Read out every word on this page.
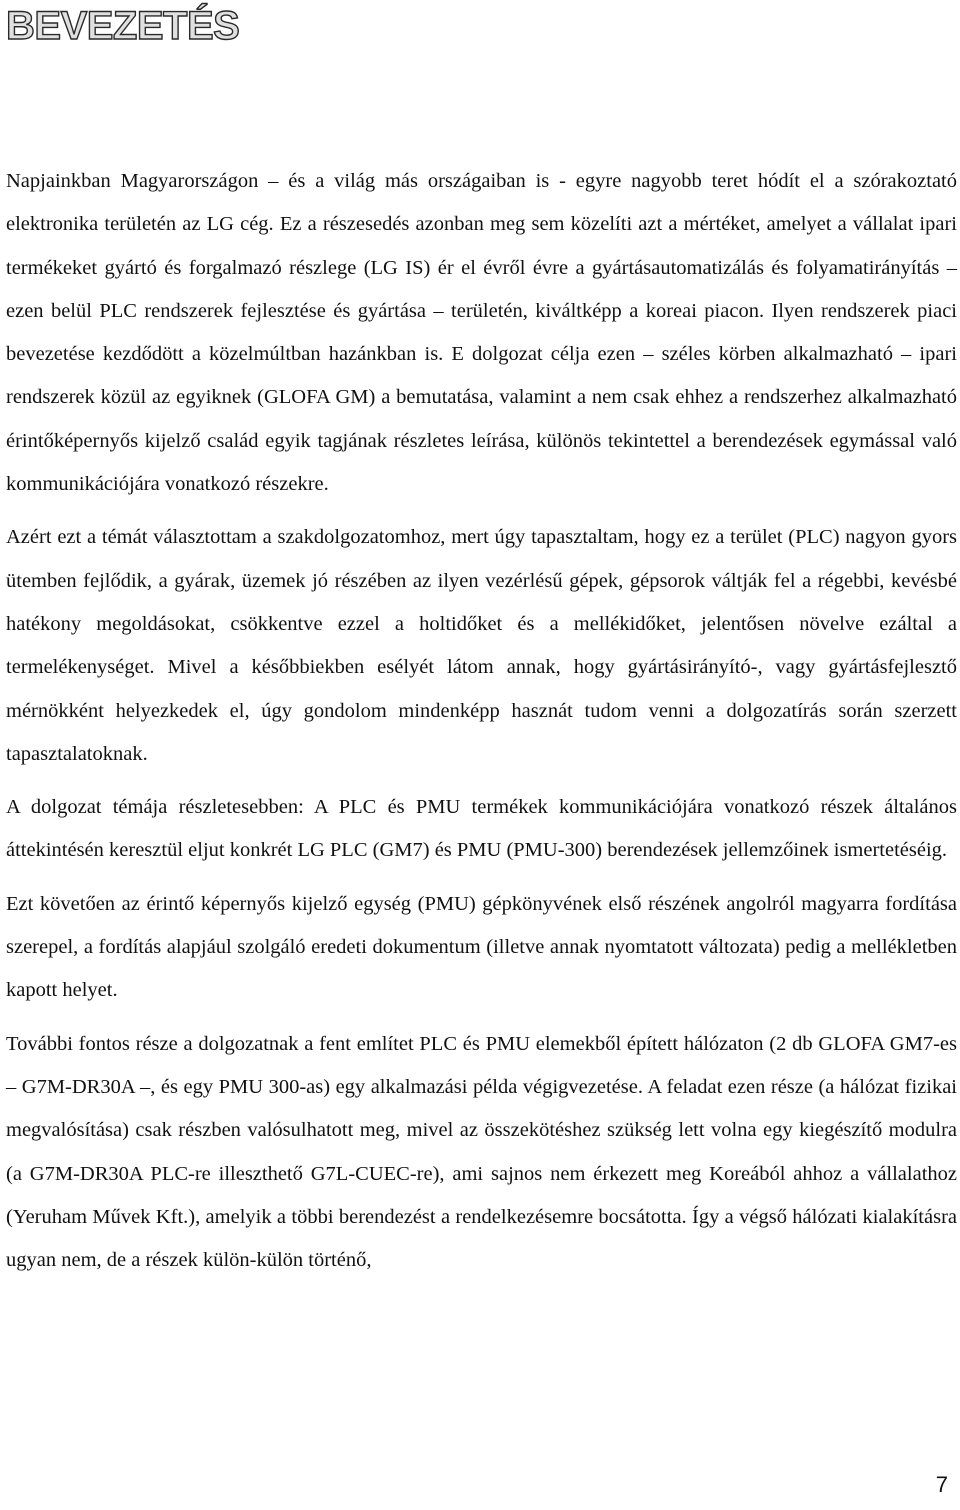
BEVEZETÉS

Napjainkban Magyarországon – és a világ más országaiban is - egyre nagyobb teret hódít el a szórakoztató elektronika területén az LG cég. Ez a részesedés azonban meg sem közelíti azt a mértéket, amelyet a vállalat ipari termékeket gyártó és forgalmazó részlege (LG IS) ér el évről évre a gyártásautomatizálás és folyamatirányítás – ezen belül PLC rendszerek fejlesztése és gyártása – területén, kiváltképp a koreai piacon. Ilyen rendszerek piaci bevezetése kezdődött a közelmúltban hazánkban is. E dolgozat célja ezen – széles körben alkalmazható – ipari rendszerek közül az egyiknek (GLOFA GM) a bemutatása, valamint a nem csak ehhez a rendszerhez alkalmazható érintőképernyős kijelző család egyik tagjának részletes leírása, különös tekintettel a berendezések egymással való kommunikációjára vonatkozó részekre.

Azért ezt a témát választottam a szakdolgozatomhoz, mert úgy tapasztaltam, hogy ez a terület (PLC) nagyon gyors ütemben fejlődik, a gyárak, üzemek jó részében az ilyen vezérlésű gépek, gépsorok váltják fel a régebbi, kevésbé hatékony megoldásokat, csökkentve ezzel a holtidőket és a mellékidőket, jelentősen növelve ezáltal a termelékenységet. Mivel a későbbiekben esélyét látom annak, hogy gyártásirányító-, vagy gyártásfejlesztő mérnökként helyezkedek el, úgy gondolom mindenképp hasznát tudom venni a dolgozatírás során szerzett tapasztalatoknak.

A dolgozat témája részletesebben: A PLC és PMU termékek kommunikációjára vonatkozó részek általános áttekintésén keresztül eljut konkrét LG PLC (GM7) és PMU (PMU-300) berendezések jellemzőinek ismertetéséig.

Ezt követően az érintő képernyős kijelző egység (PMU) gépkönyvének első részének angolról magyarra fordítása szerepel, a fordítás alapjául szolgáló eredeti dokumentum (illetve annak nyomtatott változata) pedig a mellékletben kapott helyet.

További fontos része a dolgozatnak a fent említet PLC és PMU elemekből épített hálózaton (2 db GLOFA GM7-es – G7M-DR30A –, és egy PMU 300-as) egy alkalmazási példa végigvezetése. A feladat ezen része (a hálózat fizikai megvalósítása) csak részben valósulhatott meg, mivel az összekötéshez szükség lett volna egy kiegészítő modulra (a G7M-DR30A PLC-re illeszthető G7L-CUEC-re), ami sajnos nem érkezett meg Koreából ahhoz a vállalathoz (Yeruham Művek Kft.), amelyik a többi berendezést a rendelkezésemre bocsátotta. Így a végső hálózati kialakításra ugyan nem, de a részek külön-külön történő,

7
